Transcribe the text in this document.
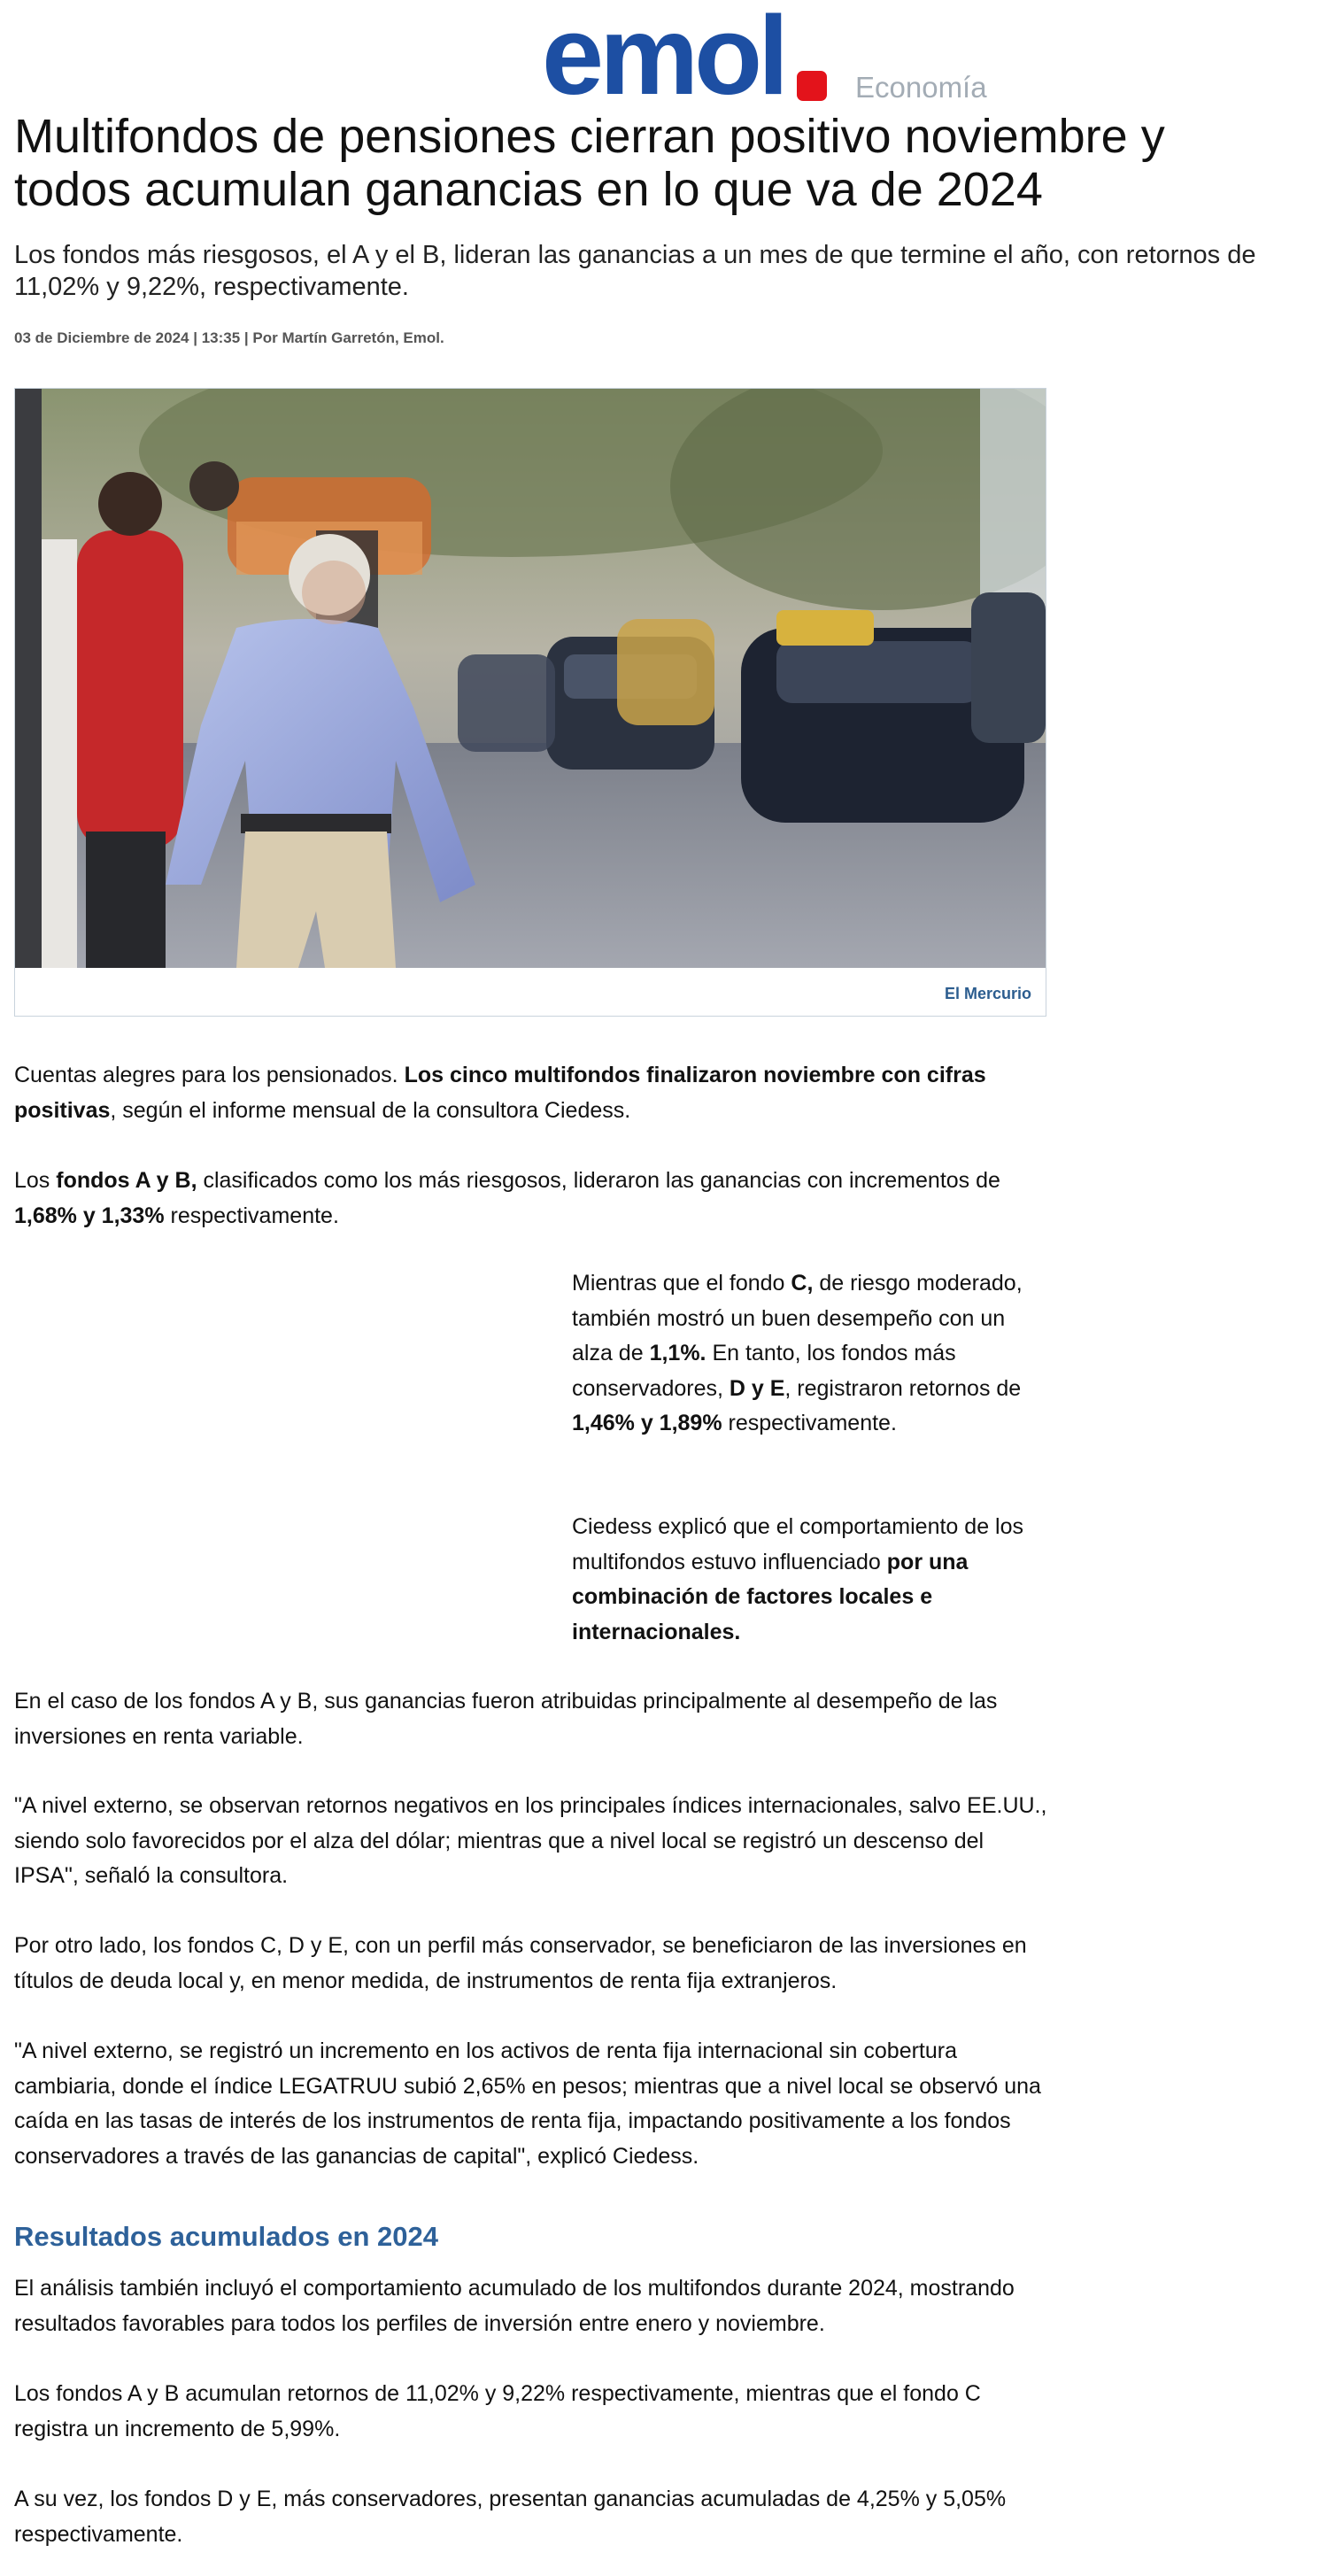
emol Economía
Multifondos de pensiones cierran positivo noviembre y todos acumulan ganancias en lo que va de 2024

Los fondos más riesgosos, el A y el B, lideran las ganancias a un mes de que termine el año, con retornos de 11,02% y 9,22%, respectivamente.

03 de Diciembre de 2024 | 13:35 | Por Martín Garretón, Emol.
El Mercurio

Cuentas alegres para los pensionados. Los cinco multifondos finalizaron noviembre con cifras positivas, según el informe mensual de la consultora Ciedess.

Los fondos A y B, clasificados como los más riesgosos, lideraron las ganancias con incrementos de 1,68% y 1,33% respectivamente.

Mientras que el fondo C, de riesgo moderado, también mostró un buen desempeño con un alza de 1,1%. En tanto, los fondos más conservadores, D y E, registraron retornos de 1,46% y 1,89% respectivamente.

Ciedess explicó que el comportamiento de los multifondos estuvo influenciado por una combinación de factores locales e internacionales.

En el caso de los fondos A y B, sus ganancias fueron atribuidas principalmente al desempeño de las inversiones en renta variable.

"A nivel externo, se observan retornos negativos en los principales índices internacionales, salvo EE.UU., siendo solo favorecidos por el alza del dólar; mientras que a nivel local se registró un descenso del IPSA", señaló la consultora.

Por otro lado, los fondos C, D y E, con un perfil más conservador, se beneficiaron de las inversiones en títulos de deuda local y, en menor medida, de instrumentos de renta fija extranjeros.

"A nivel externo, se registró un incremento en los activos de renta fija internacional sin cobertura cambiaria, donde el índice LEGATRUU subió 2,65% en pesos; mientras que a nivel local se observó una caída en las tasas de interés de los instrumentos de renta fija, impactando positivamente a los fondos conservadores a través de las ganancias de capital", explicó Ciedess.

Resultados acumulados en 2024

El análisis también incluyó el comportamiento acumulado de los multifondos durante 2024, mostrando resultados favorables para todos los perfiles de inversión entre enero y noviembre.

Los fondos A y B acumulan retornos de 11,02% y 9,22% respectivamente, mientras que el fondo C registra un incremento de 5,99%.

A su vez, los fondos D y E, más conservadores, presentan ganancias acumuladas de 4,25% y 5,05% respectivamente.
